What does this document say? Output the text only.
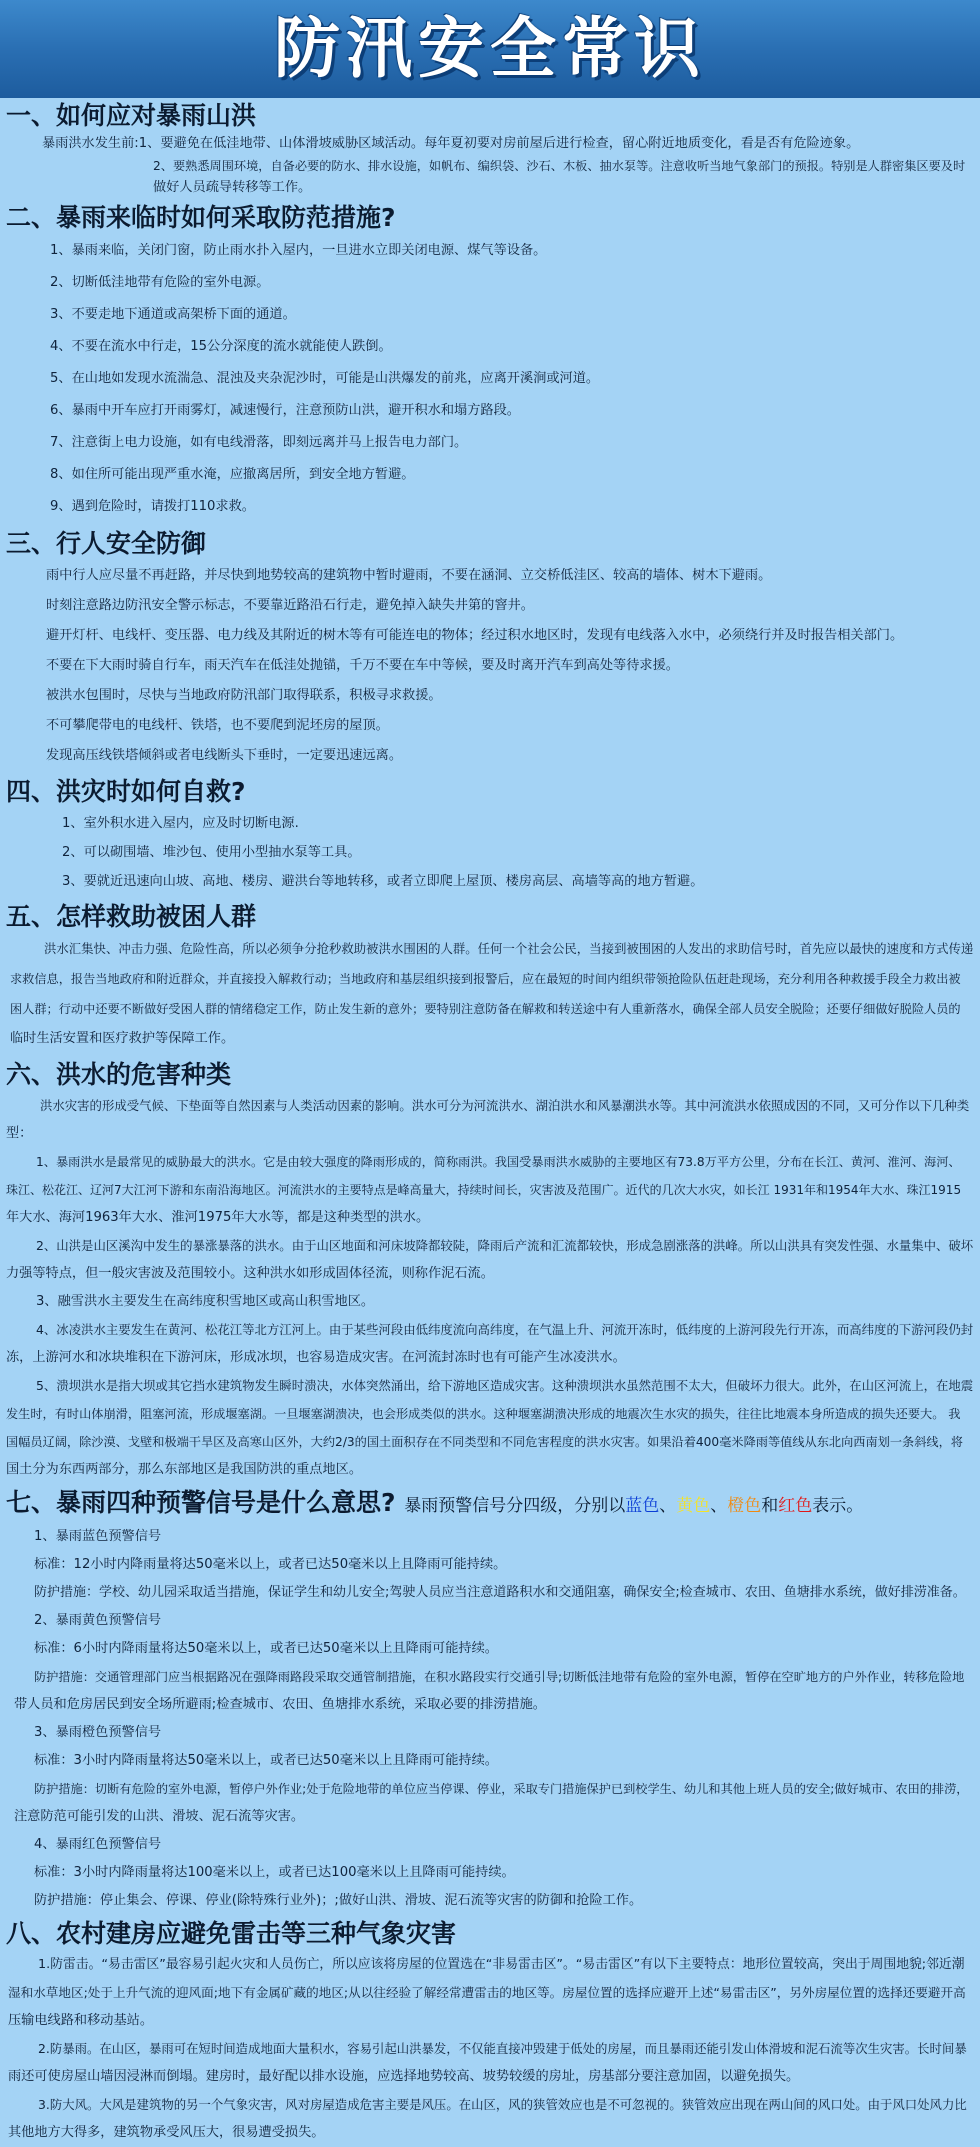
防汛安全常识
一、如何应对暴雨山洪

暴雨洪水发生前:1、要避免在低洼地带、山体滑坡威胁区域活动。每年夏初要对房前屋后进行检查，留心附近地质变化，看是否有危险迹象。

2、要熟悉周围环境，自备必要的防水、排水设施，如帆布、编织袋、沙石、木板、抽水泵等。注意收听当地气象部门的预报。特别是人群密集区要及时

做好人员疏导转移等工作。

二、暴雨来临时如何采取防范措施?

1、暴雨来临，关闭门窗，防止雨水扑入屋内，一旦进水立即关闭电源、煤气等设备。

2、切断低洼地带有危险的室外电源。

3、不要走地下通道或高架桥下面的通道。

4、不要在流水中行走，15公分深度的流水就能使人跌倒。

5、在山地如发现水流湍急、混浊及夹杂泥沙时，可能是山洪爆发的前兆，应离开溪涧或河道。

6、暴雨中开车应打开雨雾灯，减速慢行，注意预防山洪，避开积水和塌方路段。

7、注意街上电力设施，如有电线滑落，即刻远离并马上报告电力部门。

8、如住所可能出现严重水淹，应撤离居所，到安全地方暂避。

9、遇到危险时，请拨打110求救。

三、行人安全防御

雨中行人应尽量不再赶路，并尽快到地势较高的建筑物中暂时避雨，不要在涵洞、立交桥低洼区、较高的墙体、树木下避雨。

时刻注意路边防汛安全警示标志，不要靠近路沿石行走，避免掉入缺失井第的窨井。

避开灯杆、电线杆、变压器、电力线及其附近的树木等有可能连电的物体；经过积水地区时，发现有电线落入水中，必须绕行并及时报告相关部门。

不要在下大雨时骑自行车，雨天汽车在低洼处抛锚，千万不要在车中等候，要及时离开汽车到高处等待求援。

被洪水包围时，尽快与当地政府防汛部门取得联系，积极寻求救援。

不可攀爬带电的电线杆、铁塔，也不要爬到泥坯房的屋顶。

发现高压线铁塔倾斜或者电线断头下垂时，一定要迅速远离。

四、洪灾时如何自救?

1、室外积水进入屋内，应及时切断电源.

2、可以砌围墙、堆沙包、使用小型抽水泵等工具。

3、要就近迅速向山坡、高地、楼房、避洪台等地转移，或者立即爬上屋顶、楼房高层、高墙等高的地方暂避。

五、怎样救助被困人群

洪水汇集快、冲击力强、危险性高，所以必须争分抢秒救助被洪水围困的人群。任何一个社会公民，当接到被围困的人发出的求助信号时，首先应以最快的速度和方式传递

求救信息，报告当地政府和附近群众，并直接投入解救行动；当地政府和基层组织接到报警后，应在最短的时间内组织带领抢险队伍赶赴现场，充分利用各种救援手段全力救出被

困人群；行动中还要不断做好受困人群的情绪稳定工作，防止发生新的意外；要特别注意防备在解救和转送途中有人重新落水，确保全部人员安全脱险；还要仔细做好脱险人员的

临时生活安置和医疗救护等保障工作。

六、洪水的危害种类

洪水灾害的形成受气候、下垫面等自然因素与人类活动因素的影响。洪水可分为河流洪水、湖泊洪水和风暴潮洪水等。其中河流洪水依照成因的不同，又可分作以下几种类

型：

1、暴雨洪水是最常见的威胁最大的洪水。它是由较大强度的降雨形成的，简称雨洪。我国受暴雨洪水威胁的主要地区有73.8万平方公里，分布在长江、黄河、淮河、海河、

珠江、松花江、辽河7大江河下游和东南沿海地区。河流洪水的主要特点是峰高量大，持续时间长，灾害波及范围广。近代的几次大水灾，如长江 1931年和1954年大水、珠江1915

年大水、海河1963年大水、淮河1975年大水等，都是这种类型的洪水。

2、山洪是山区溪沟中发生的暴涨暴落的洪水。由于山区地面和河床坡降都较陡，降雨后产流和汇流都较快，形成急剧涨落的洪峰。所以山洪具有突发性强、水量集中、破坏

力强等特点，但一般灾害波及范围较小。这种洪水如形成固体径流，则称作泥石流。

3、融雪洪水主要发生在高纬度积雪地区或高山积雪地区。

4、冰凌洪水主要发生在黄河、松花江等北方江河上。由于某些河段由低纬度流向高纬度，在气温上升、河流开冻时，低纬度的上游河段先行开冻，而高纬度的下游河段仍封

冻，上游河水和冰块堆积在下游河床，形成冰坝，也容易造成灾害。在河流封冻时也有可能产生冰凌洪水。

5、溃坝洪水是指大坝或其它挡水建筑物发生瞬时溃决，水体突然涌出，给下游地区造成灾害。这种溃坝洪水虽然范围不太大，但破坏力很大。此外，在山区河流上，在地震

发生时，有时山体崩滑，阻塞河流，形成堰塞湖。一旦堰塞湖溃决，也会形成类似的洪水。这种堰塞湖溃决形成的地震次生水灾的损失，往往比地震本身所造成的损失还要大。 我

国幅员辽阔，除沙漠、戈壁和极端干旱区及高寒山区外，大约2/3的国土面积存在不同类型和不同危害程度的洪水灾害。如果沿着400毫米降雨等值线从东北向西南划一条斜线，将

国土分为东西两部分，那么东部地区是我国防洪的重点地区。

七、暴雨四种预警信号是什么意思? 暴雨预警信号分四级，分别以蓝色、黄色、橙色和红色表示。

1、暴雨蓝色预警信号

标准：12小时内降雨量将达50毫米以上，或者已达50毫米以上且降雨可能持续。

防护措施：学校、幼儿园采取适当措施，保证学生和幼儿安全;驾驶人员应当注意道路积水和交通阻塞，确保安全;检查城市、农田、鱼塘排水系统，做好排涝准备。

2、暴雨黄色预警信号

标准：6小时内降雨量将达50毫米以上，或者已达50毫米以上且降雨可能持续。

防护措施：交通管理部门应当根据路况在强降雨路段采取交通管制措施，在积水路段实行交通引导;切断低洼地带有危险的室外电源，暂停在空旷地方的户外作业，转移危险地

带人员和危房居民到安全场所避雨;检查城市、农田、鱼塘排水系统，采取必要的排涝措施。

3、暴雨橙色预警信号

标准：3小时内降雨量将达50毫米以上，或者已达50毫米以上且降雨可能持续。

防护措施：切断有危险的室外电源，暂停户外作业;处于危险地带的单位应当停课、停业，采取专门措施保护已到校学生、幼儿和其他上班人员的安全;做好城市、农田的排涝，

注意防范可能引发的山洪、滑坡、泥石流等灾害。

4、暴雨红色预警信号

标准：3小时内降雨量将达100毫米以上，或者已达100毫米以上且降雨可能持续。

防护措施：停止集会、停课、停业(除特殊行业外)；;做好山洪、滑坡、泥石流等灾害的防御和抢险工作。

八、农村建房应避免雷击等三种气象灾害

1.防雷击。“易击雷区”最容易引起火灾和人员伤亡，所以应该将房屋的位置选在“非易雷击区”。“易击雷区”有以下主要特点：地形位置较高，突出于周围地貌;邻近潮

湿和水草地区;处于上升气流的迎风面;地下有金属矿藏的地区;从以往经验了解经常遭雷击的地区等。房屋位置的选择应避开上述“易雷击区”，另外房屋位置的选择还要避开高

压输电线路和移动基站。

2.防暴雨。在山区，暴雨可在短时间造成地面大量积水，容易引起山洪暴发，不仅能直接冲毁建于低处的房屋，而且暴雨还能引发山体滑坡和泥石流等次生灾害。长时间暴

雨还可使房屋山墙因浸淋而倒塌。建房时，最好配以排水设施，应选择地势较高、坡势较缓的房址，房基部分要注意加固，以避免损失。

3.防大风。大风是建筑物的另一个气象灾害，风对房屋造成危害主要是风压。在山区，风的狭管效应也是不可忽视的。狭管效应出现在两山间的风口处。由于风口处风力比

其他地方大得多，建筑物承受风压大，很易遭受损失。
